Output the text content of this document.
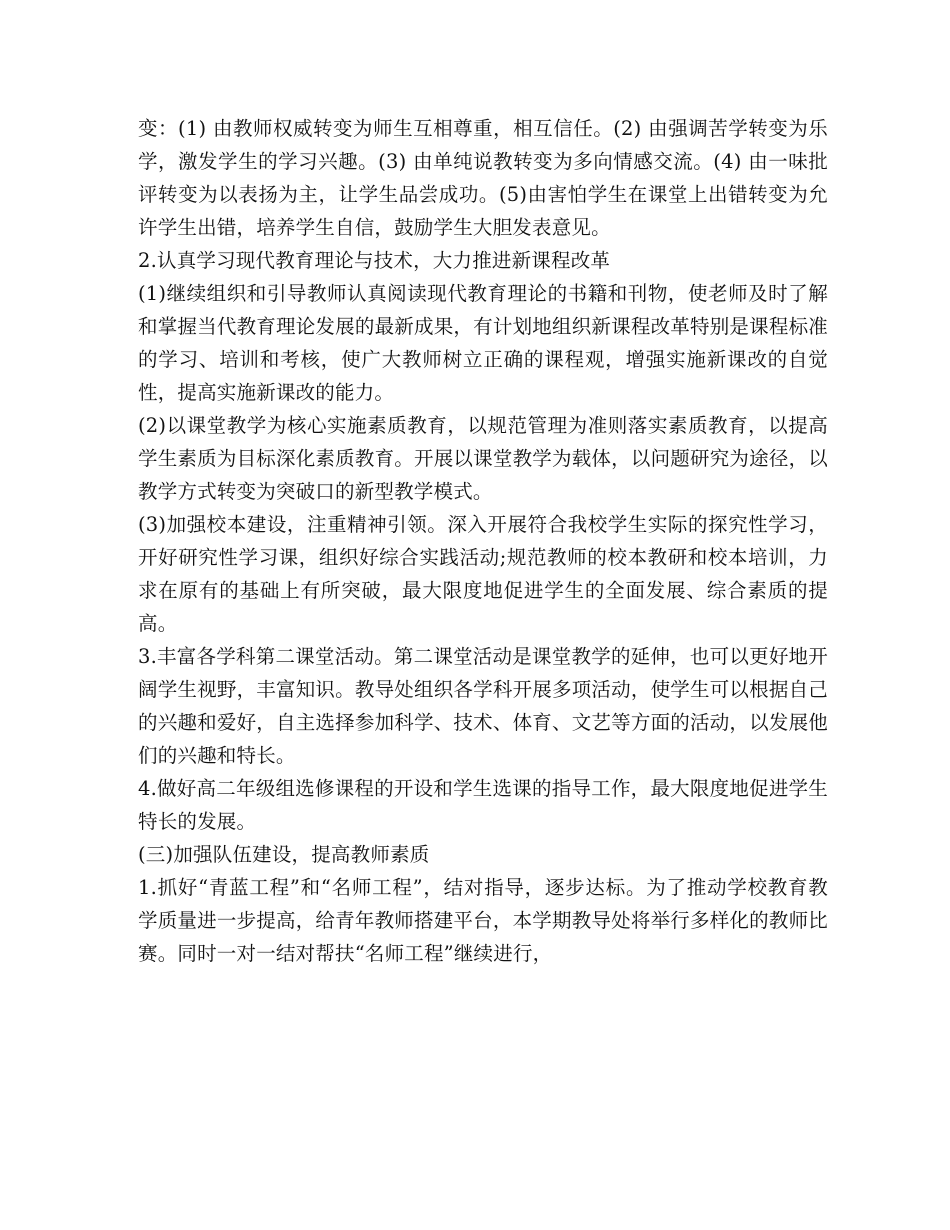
变：(1) 由教师权威转变为师生互相尊重，相互信任。(2) 由强调苦学转变为乐学，激发学生的学习兴趣。(3) 由单纯说教转变为多向情感交流。(4) 由一味批评转变为以表扬为主，让学生品尝成功。(5)由害怕学生在课堂上出错转变为允许学生出错，培养学生自信，鼓励学生大胆发表意见。

2.认真学习现代教育理论与技术，大力推进新课程改革

(1)继续组织和引导教师认真阅读现代教育理论的书籍和刊物，使老师及时了解和掌握当代教育理论发展的最新成果，有计划地组织新课程改革特别是课程标准的学习、培训和考核，使广大教师树立正确的课程观，增强实施新课改的自觉性，提高实施新课改的能力。

(2)以课堂教学为核心实施素质教育，以规范管理为准则落实素质教育，以提高学生素质为目标深化素质教育。开展以课堂教学为载体，以问题研究为途径，以教学方式转变为突破口的新型教学模式。

(3)加强校本建设，注重精神引领。深入开展符合我校学生实际的探究性学习，开好研究性学习课，组织好综合实践活动;规范教师的校本教研和校本培训，力求在原有的基础上有所突破，最大限度地促进学生的全面发展、综合素质的提高。

3.丰富各学科第二课堂活动。第二课堂活动是课堂教学的延伸，也可以更好地开阔学生视野，丰富知识。教导处组织各学科开展多项活动，使学生可以根据自己的兴趣和爱好，自主选择参加科学、技术、体育、文艺等方面的活动，以发展他们的兴趣和特长。

4.做好高二年级组选修课程的开设和学生选课的指导工作，最大限度地促进学生特长的发展。

(三)加强队伍建设，提高教师素质

1.抓好“青蓝工程”和“名师工程”，结对指导，逐步达标。为了推动学校教育教学质量进一步提高，给青年教师搭建平台，本学期教导处将举行多样化的教师比赛。同时一对一结对帮扶“名师工程”继续进行，
